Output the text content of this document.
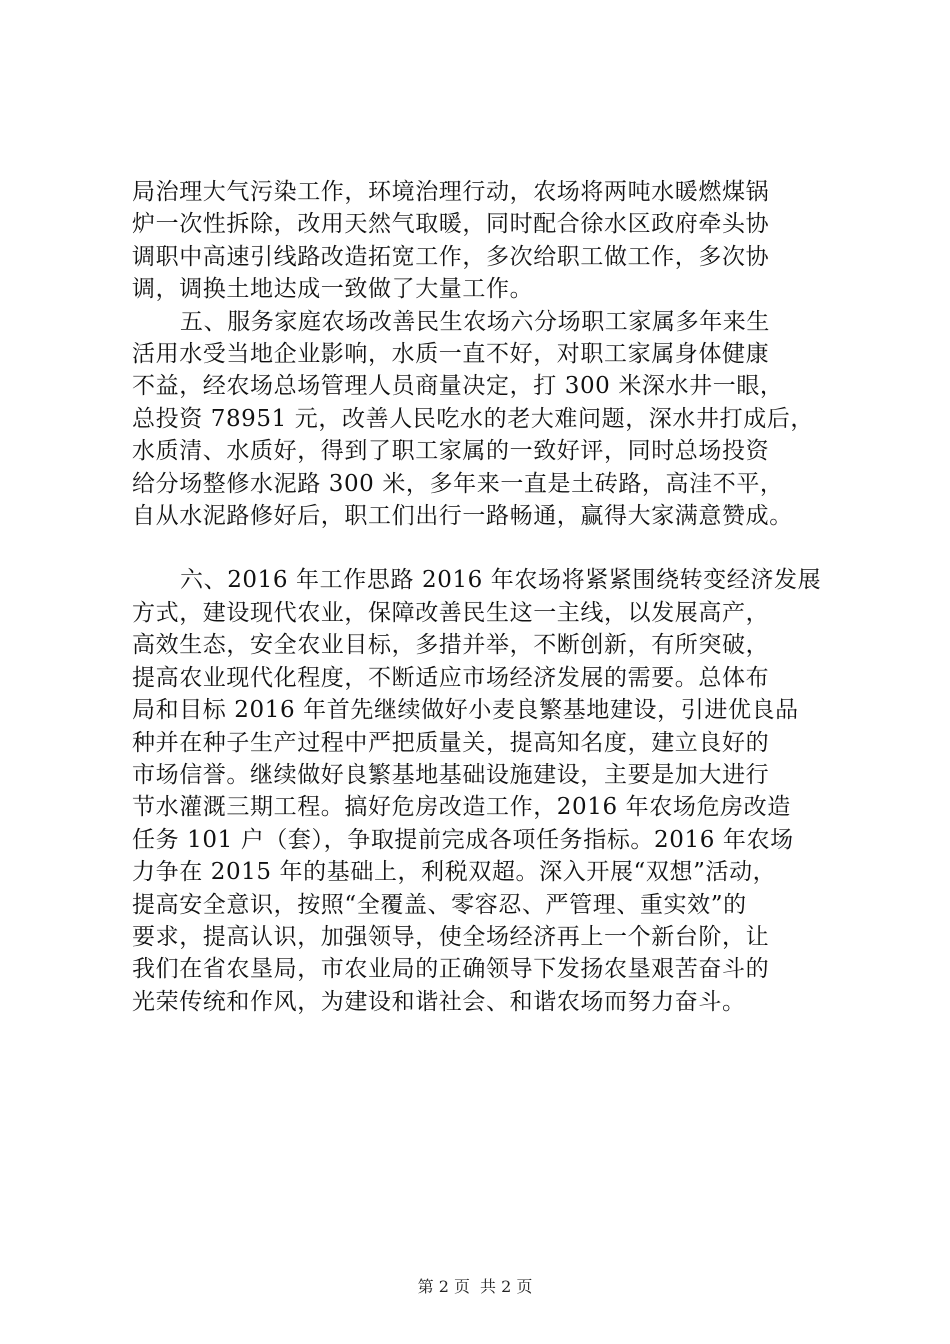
局治理大气污染工作，环境治理行动，农场将两吨水暖燃煤锅
炉一次性拆除，改用天然气取暖，同时配合徐水区政府牵头协
调职中高速引线路改造拓宽工作，多次给职工做工作，多次协
调，调换土地达成一致做了大量工作。
五、服务家庭农场改善民生农场六分场职工家属多年来生
活用水受当地企业影响，水质一直不好，对职工家属身体健康
不益，经农场总场管理人员商量决定，打 300 米深水井一眼，
总投资 78951 元，改善人民吃水的老大难问题，深水井打成后，
水质清、水质好，得到了职工家属的一致好评，同时总场投资
给分场整修水泥路 300 米，多年来一直是土砖路，高洼不平，
自从水泥路修好后，职工们出行一路畅通，赢得大家满意赞成。
六、2016 年工作思路 2016 年农场将紧紧围绕转变经济发展
方式，建设现代农业，保障改善民生这一主线，以发展高产，
高效生态，安全农业目标，多措并举，不断创新，有所突破，
提高农业现代化程度，不断适应市场经济发展的需要。总体布
局和目标 2016 年首先继续做好小麦良繁基地建设，引进优良品
种并在种子生产过程中严把质量关，提高知名度，建立良好的
市场信誉。继续做好良繁基地基础设施建设，主要是加大进行
节水灌溉三期工程。搞好危房改造工作，2016 年农场危房改造
任务 101 户（套），争取提前完成各项任务指标。2016 年农场
力争在 2015 年的基础上，利税双超。深入开展“双想”活动，
提高安全意识，按照“全覆盖、零容忍、严管理、重实效”的
要求，提高认识，加强领导，使全场经济再上一个新台阶，让
我们在省农垦局，市农业局的正确领导下发扬农垦艰苦奋斗的
光荣传统和作风，为建设和谐社会、和谐农场而努力奋斗。
第 2 页 共 2 页
